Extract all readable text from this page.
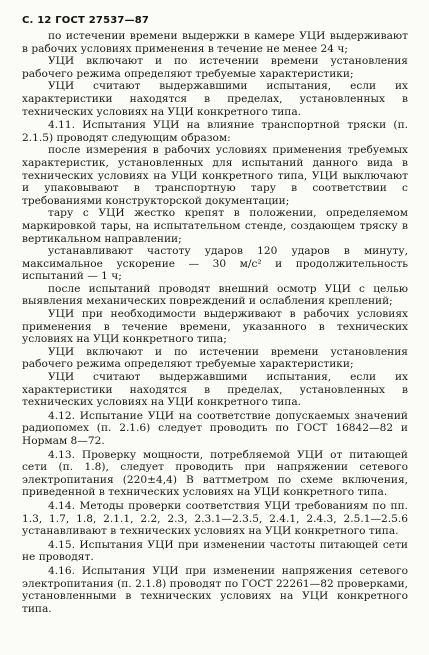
С. 12 ГОСТ 27537—87

по истечении времени выдержки в камере УЦИ выдерживают в рабочих условиях применения в течение не менее 24 ч;

УЦИ включают и по истечении времени установления рабочего режима определяют требуемые характеристики;

УЦИ считают выдержавшими испытания, если их характеристики находятся в пределах, установленных в технических условиях на УЦИ конкретного типа.

4.11. Испытания УЦИ на влияние транспортной тряски (п. 2.1.5) проводят следующим образом:

после измерения в рабочих условиях применения требуемых характеристик, установленных для испытаний данного вида в технических условиях на УЦИ конкретного типа, УЦИ выключают и упаковывают в транспортную тару в соответствии с требованиями конструкторской документации;

тару с УЦИ жестко крепят в положении, определяемом маркировкой тары, на испытательном стенде, создающем тряску в вертикальном направлении;

устанавливают частоту ударов 120 ударов в минуту, максимальное ускорение — 30 м/с² и продолжительность испытаний — 1 ч;

после испытаний проводят внешний осмотр УЦИ с целью выявления механических повреждений и ослабления креплений;

УЦИ при необходимости выдерживают в рабочих условиях применения в течение времени, указанного в технических условиях на УЦИ конкретного типа;

УЦИ включают и по истечении времени установления рабочего режима определяют требуемые характеристики;

УЦИ считают выдержавшими испытания, если их характеристики находятся в пределах, установленных в технических условиях на УЦИ конкретного типа.

4.12. Испытание УЦИ на соответствие допускаемых значений радиопомех (п. 2.1.6) следует проводить по ГОСТ 16842—82 и Нормам 8—72.

4.13. Проверку мощности, потребляемой УЦИ от питающей сети (п. 1.8), следует проводить при напряжении сетевого электропитания (220±4,4) В ваттметром по схеме включения, приведенной в технических условиях на УЦИ конкретного типа.

4.14. Методы проверки соответствия УЦИ требованиям по пп. 1.3, 1.7, 1.8, 2.1.1, 2.2, 2.3, 2.3.1—2.3.5, 2.4.1, 2.4.3, 2.5.1—2.5.6 устанавливают в технических условиях на УЦИ конкретного типа.

4.15. Испытания УЦИ при изменении частоты питающей сети не проводят.

4.16. Испытания УЦИ при изменении напряжения сетевого электропитания (п. 2.1.8) проводят по ГОСТ 22261—82 проверками, установленными в технических условиях на УЦИ конкретного типа.
